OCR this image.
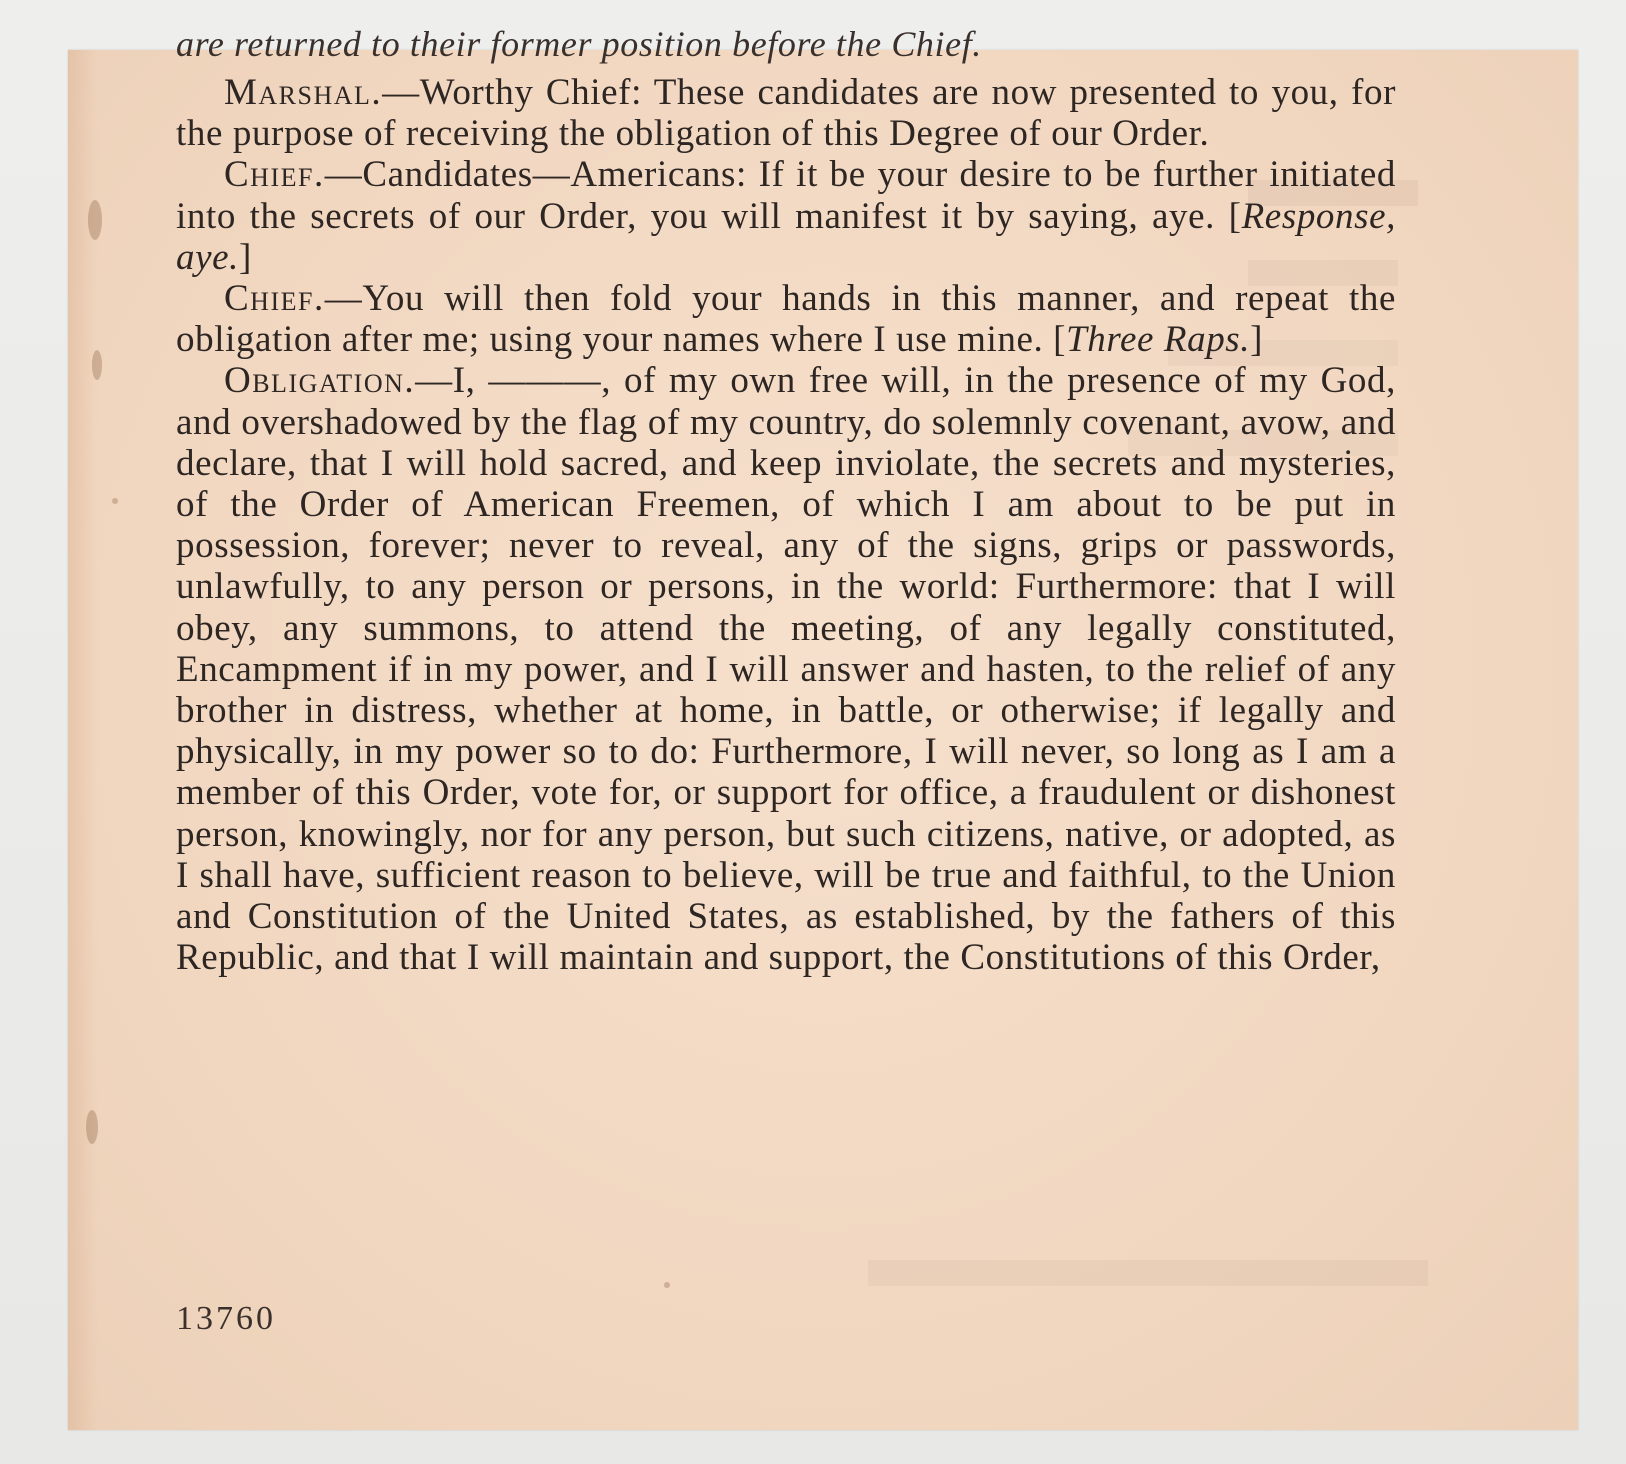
are returned to their former position before the Chief.

Marshal.—Worthy Chief: These candidates are now presented to you, for the purpose of receiving the obligation of this Degree of our Order.

Chief.—Candidates—Americans: If it be your desire to be further initiated into the secrets of our Order, you will manifest it by saying, aye. [Response, aye.]

Chief.—You will then fold your hands in this manner, and repeat the obligation after me; using your names where I use mine. [Three Raps.]

Obligation.—I, ———, of my own free will, in the presence of my God, and overshadowed by the flag of my country, do solemnly covenant, avow, and declare, that I will hold sacred, and keep inviolate, the secrets and mysteries, of the Order of American Freemen, of which I am about to be put in possession, forever; never to reveal, any of the signs, grips or passwords, unlawfully, to any person or persons, in the world: Furthermore: that I will obey, any summons, to attend the meeting, of any legally constituted, Encampment if in my power, and I will answer and hasten, to the relief of any brother in distress, whether at home, in battle, or otherwise; if legally and physically, in my power so to do: Furthermore, I will never, so long as I am a member of this Order, vote for, or support for office, a fraudulent or dishonest person, knowingly, nor for any person, but such citizens, native, or adopted, as I shall have, sufficient reason to believe, will be true and faithful, to the Union and Constitution of the United States, as established, by the fathers of this Republic, and that I will maintain and support, the Constitutions of this Order,

13760
